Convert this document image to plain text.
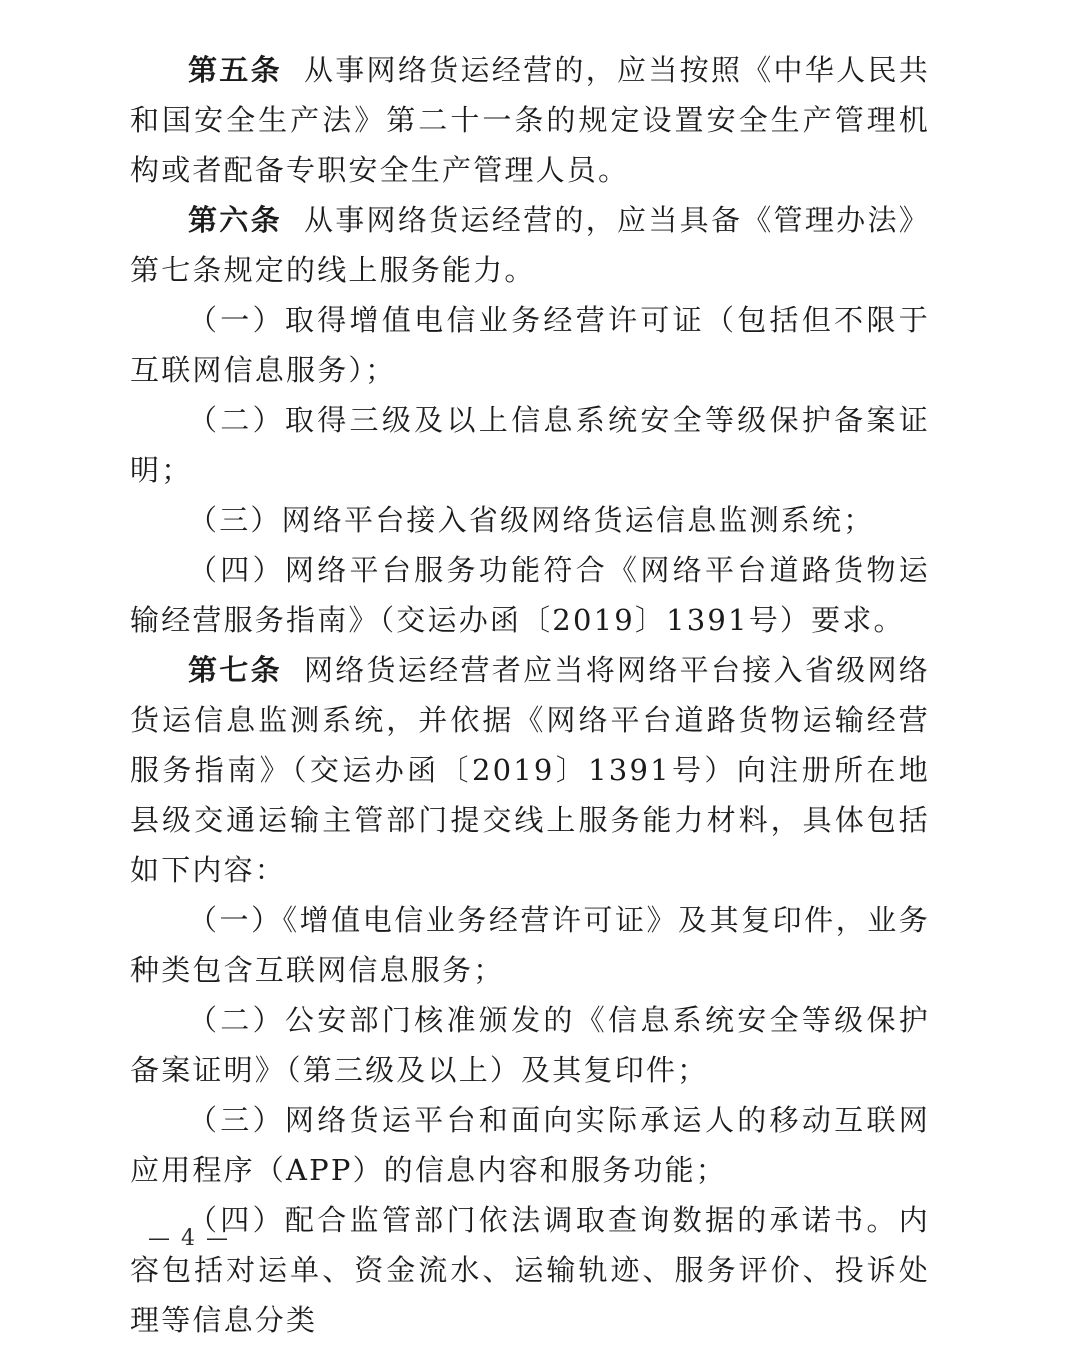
第五条 从事网络货运经营的，应当按照《中华人民共和国安全生产法》第二十一条的规定设置安全生产管理机构或者配备专职安全生产管理人员。

第六条 从事网络货运经营的，应当具备《管理办法》第七条规定的线上服务能力。

（一）取得增值电信业务经营许可证（包括但不限于互联网信息服务）；

（二）取得三级及以上信息系统安全等级保护备案证明；

（三）网络平台接入省级网络货运信息监测系统；

（四）网络平台服务功能符合《网络平台道路货物运输经营服务指南》（交运办函〔2019〕1391号）要求。

第七条 网络货运经营者应当将网络平台接入省级网络货运信息监测系统，并依据《网络平台道路货物运输经营服务指南》（交运办函〔2019〕1391号）向注册所在地县级交通运输主管部门提交线上服务能力材料，具体包括如下内容：

（一）《增值电信业务经营许可证》及其复印件，业务种类包含互联网信息服务；

（二）公安部门核准颁发的《信息系统安全等级保护备案证明》（第三级及以上）及其复印件；

（三）网络货运平台和面向实际承运人的移动互联网应用程序（APP）的信息内容和服务功能；

（四）配合监管部门依法调取查询数据的承诺书。内容包括对运单、资金流水、运输轨迹、服务评价、投诉处理等信息分类

— 4 —
